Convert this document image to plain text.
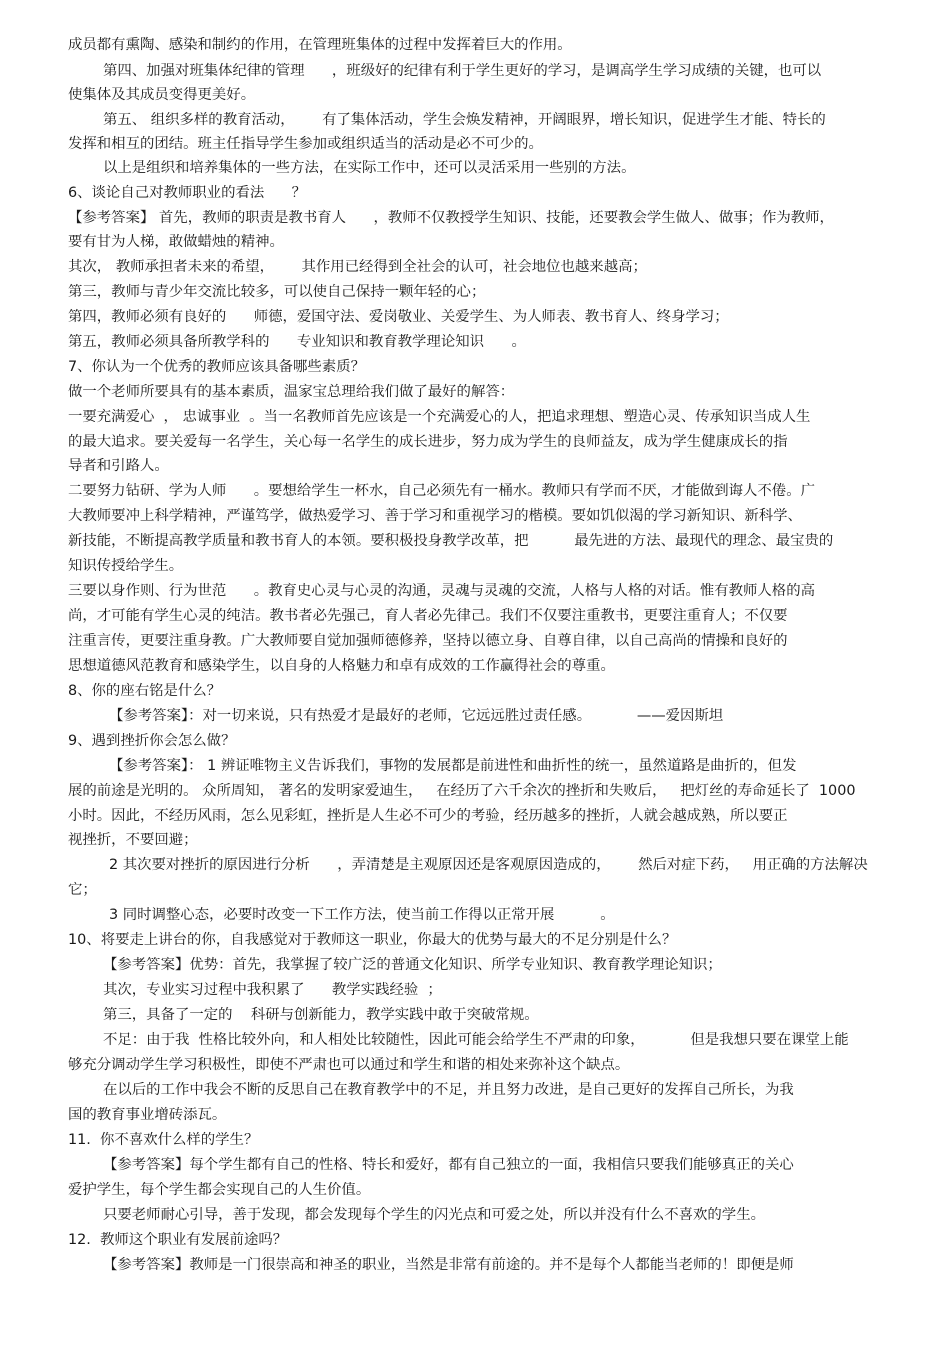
成员都有熏陶、感染和制约的作用，在管理班集体的过程中发挥着巨大的作用。
第四、加强对班集体纪律的管理      ，班级好的纪律有利于学生更好的学习，是调高学生学习成绩的关键，也可以
使集体及其成员变得更美好。
第五、 组织多样的教育活动，      有了集体活动，学生会焕发精神，开阔眼界，增长知识，促进学生才能、特长的
发挥和相互的团结。班主任指导学生参加或组织适当的活动是必不可少的。
以上是组织和培养集体的一些方法，在实际工作中，还可以灵活采用一些别的方法。
6、谈论自己对教师职业的看法      ？
【参考答案】 首先，教师的职责是教书育人      ，教师不仅教授学生知识、技能，还要教会学生做人、做事；作为教师，
要有甘为人梯，敢做蜡烛的精神。
其次， 教师承担者未来的希望，      其作用已经得到全社会的认可，社会地位也越来越高；
第三，教师与青少年交流比较多，可以使自己保持一颗年轻的心；
第四，教师必须有良好的      师德，爱国守法、爱岗敬业、关爱学生、为人师表、教书育人、终身学习；
第五，教师必须具备所教学科的      专业知识和教育教学理论知识      。
7、你认为一个优秀的教师应该具备哪些素质？
做一个老师所要具有的基本素质，温家宝总理给我们做了最好的解答：
一要充满爱心  ， 忠诚事业  。当一名教师首先应该是一个充满爱心的人，把追求理想、塑造心灵、传承知识当成人生
的最大追求。要关爱每一名学生，关心每一名学生的成长进步，努力成为学生的良师益友，成为学生健康成长的指
导者和引路人。
二要努力钻研、学为人师      。要想给学生一杯水，自己必须先有一桶水。教师只有学而不厌，才能做到诲人不倦。广
大教师要冲上科学精神，严谨笃学，做热爱学习、善于学习和重视学习的楷模。要如饥似渴的学习新知识、新科学、
新技能，不断提高教学质量和教书育人的本领。要积极投身教学改革，把          最先进的方法、最现代的理念、最宝贵的
知识传授给学生。
三要以身作则、行为世范      。教育史心灵与心灵的沟通，灵魂与灵魂的交流，人格与人格的对话。惟有教师人格的高
尚，才可能有学生心灵的纯洁。教书者必先强己，育人者必先律己。我们不仅要注重教书，更要注重育人；不仅要
注重言传，更要注重身教。广大教师要自觉加强师德修养，坚持以德立身、自尊自律，以自己高尚的情操和良好的
思想道德风范教育和感染学生，以自身的人格魅力和卓有成效的工作赢得社会的尊重。
8、你的座右铭是什么？
【参考答案】：对一切来说，只有热爱才是最好的老师，它远远胜过责任感。          ——爱因斯坦
9、遇到挫折你会怎么做？
【参考答案】： 1 辨证唯物主义告诉我们，事物的发展都是前进性和曲折性的统一，虽然道路是曲折的，但发
展的前途是光明的。 众所周知， 著名的发明家爱迪生，   在经历了六千余次的挫折和失败后，   把灯丝的寿命延长了  1000
小时。因此，不经历风雨，怎么见彩虹，挫折是人生必不可少的考验，经历越多的挫折，人就会越成熟，所以要正
视挫折，不要回避；
2 其次要对挫折的原因进行分析      ，弄清楚是主观原因还是客观原因造成的，      然后对症下药，   用正确的方法解决
它；
3 同时调整心态，必要时改变一下工作方法，使当前工作得以正常开展          。
10、将要走上讲台的你，自我感觉对于教师这一职业，你最大的优势与最大的不足分别是什么？
【参考答案】优势：首先，我掌握了较广泛的普通文化知识、所学专业知识、教育教学理论知识；
其次，专业实习过程中我积累了      教学实践经验  ；
第三，具备了一定的    科研与创新能力，教学实践中敢于突破常规。
不足：由于我  性格比较外向，和人相处比较随性，因此可能会给学生不严肃的印象，          但是我想只要在课堂上能
够充分调动学生学习积极性，即使不严肃也可以通过和学生和谐的相处来弥补这个缺点。
在以后的工作中我会不断的反思自己在教育教学中的不足，并且努力改进，是自己更好的发挥自己所长，为我
国的教育事业增砖添瓦。
11.  你不喜欢什么样的学生？
【参考答案】每个学生都有自己的性格、特长和爱好，都有自己独立的一面，我相信只要我们能够真正的关心
爱护学生，每个学生都会实现自己的人生价值。
只要老师耐心引导，善于发现，都会发现每个学生的闪光点和可爱之处，所以并没有什么不喜欢的学生。
12.  教师这个职业有发展前途吗？
【参考答案】教师是一门很崇高和神圣的职业，当然是非常有前途的。并不是每个人都能当老师的！即便是师
